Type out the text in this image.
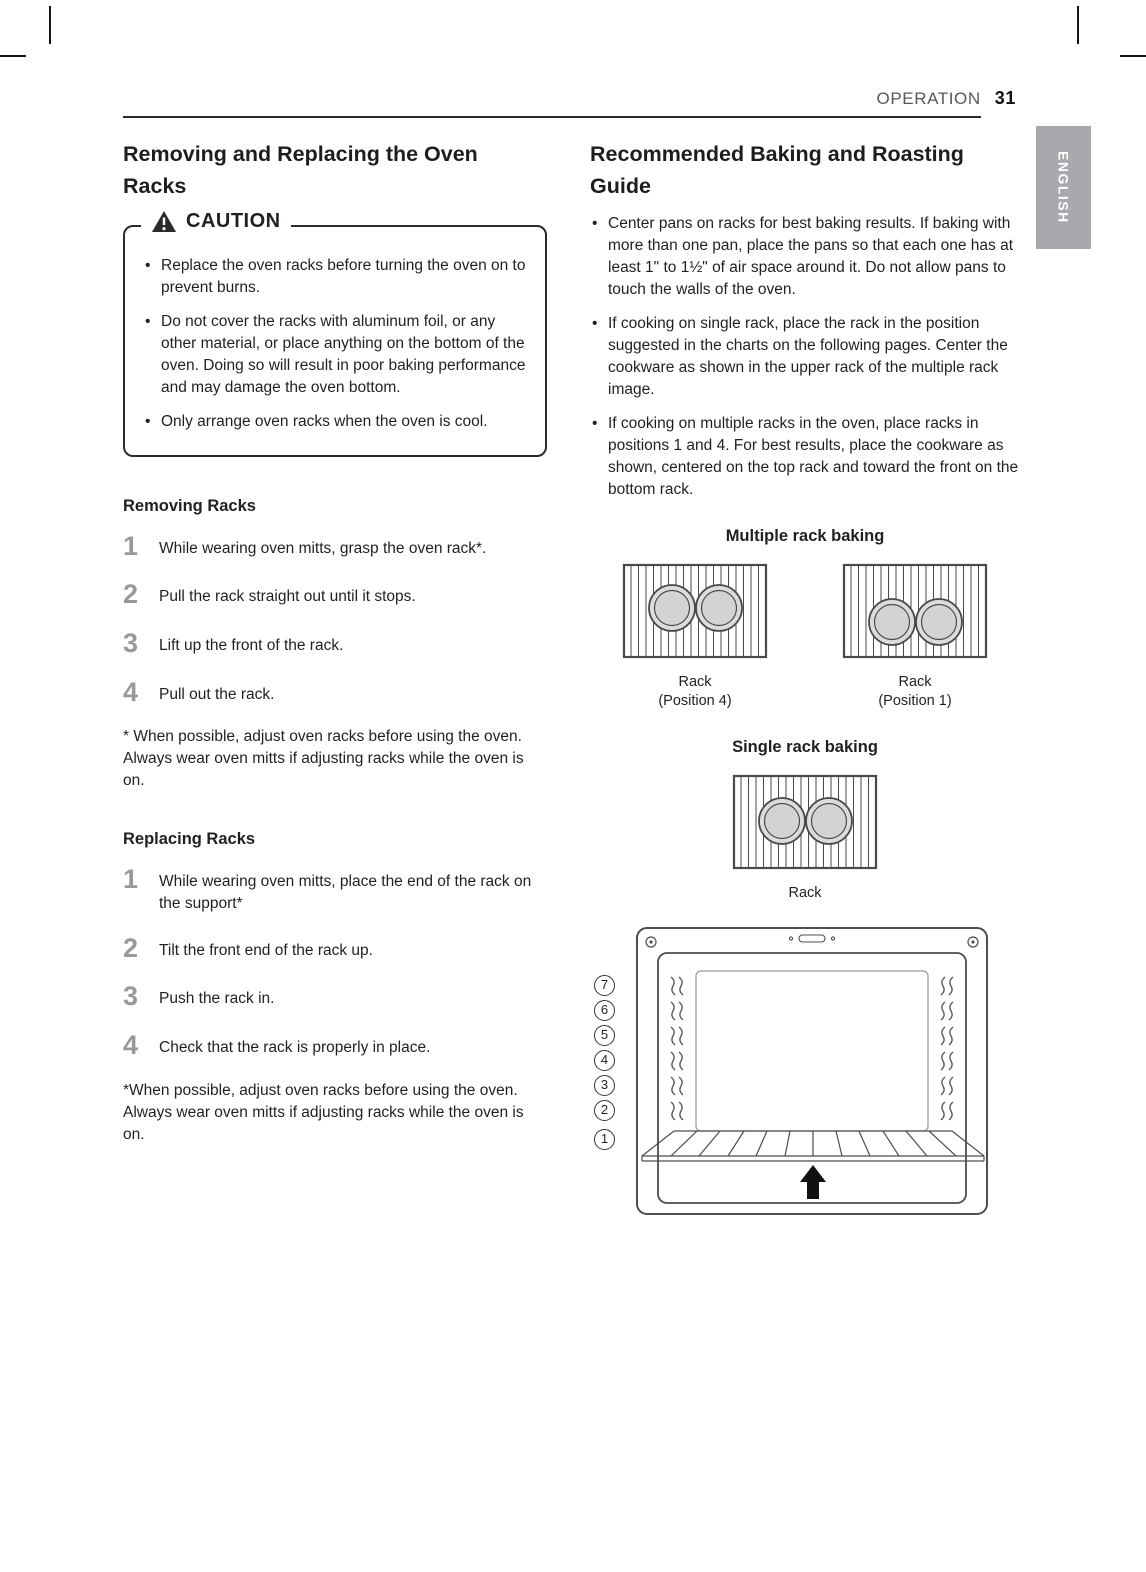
OPERATION 31
ENGLISH
Removing and Replacing the Oven Racks
CAUTION
• Replace the oven racks before turning the oven on to prevent burns.
• Do not cover the racks with aluminum foil, or any other material, or place anything on the bottom of the oven. Doing so will result in poor baking performance and may damage the oven bottom.
• Only arrange oven racks when the oven is cool.
Removing Racks
1	While wearing oven mitts, grasp the oven rack*.
2	Pull the rack straight out until it stops.
3	Lift up the front of the rack.
4	Pull out the rack.

* When possible, adjust oven racks before using the oven. Always wear oven mitts if adjusting racks while the oven is on.

Replacing Racks
1	While wearing oven mitts, place the end of the rack on the support*
2	Tilt the front end of the rack up.
3	Push the rack in.
4	Check that the rack is properly in place.

*When possible, adjust oven racks before using the oven. Always wear oven mitts if adjusting racks while the oven is on.

Recommended Baking and Roasting Guide
• Center pans on racks for best baking results. If baking with more than one pan, place the pans so that each one has at least 1" to 1½" of air space around it. Do not allow pans to touch the walls of the oven.
• If cooking on single rack, place the rack in the position suggested in the charts on the following pages. Center the cookware as shown in the upper rack of the multiple rack image.
• If cooking on multiple racks in the oven, place racks in positions 1 and 4. For best results, place the cookware as shown, centered on the top rack and toward the front on the bottom rack.
Multiple rack baking
Rack
(Position 4)
Rack
(Position 1)
Single rack baking
Rack
7
6
5
4
3
2
1
